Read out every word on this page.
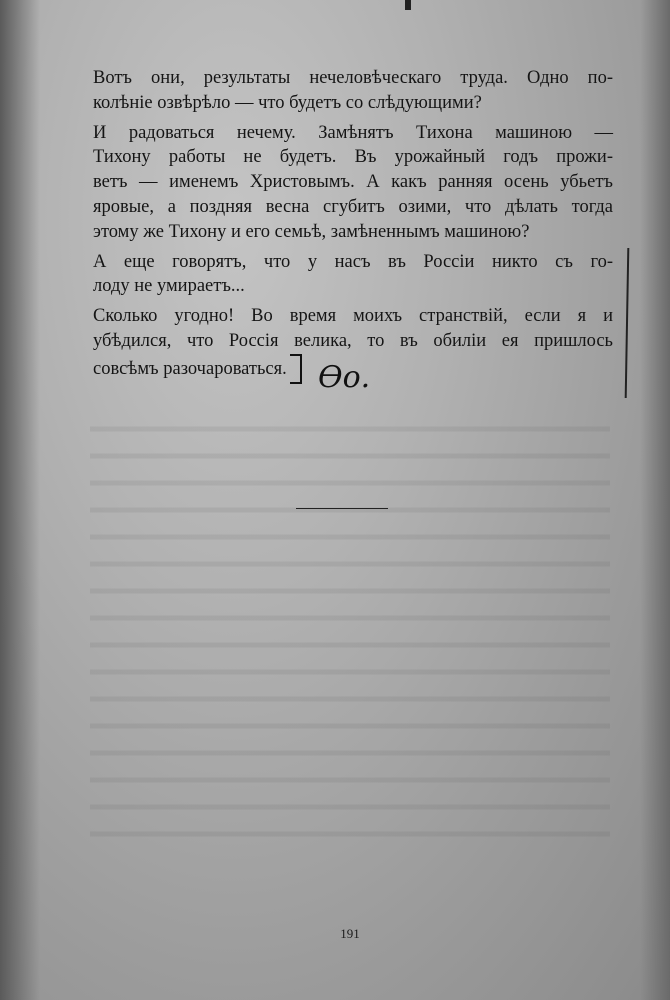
Вотъ они, результаты нечеловѣческаго труда. Одно по-
колѣніе озвѣрѣло — что будетъ со слѣдующими?
И радоваться нечему. Замѣнятъ Тихона машиною —
Тихону работы не будетъ. Въ урожайный годъ прожи-
ветъ — именемъ Христовымъ. А какъ ранняя осень убьетъ
яровые, а поздняя весна сгубитъ озими, что дѣлать тогда
этому же Тихону и его семьѣ, замѣненнымъ машиною?
А еще говорятъ, что у насъ въ Россіи никто съ го-
лоду не умираетъ...
Сколько угодно! Во время моихъ странствій, если я и
убѣдился, что Россія велика, то въ обиліи ея пришлось
совсѣмъ разочароваться.	Ѳо.
191
